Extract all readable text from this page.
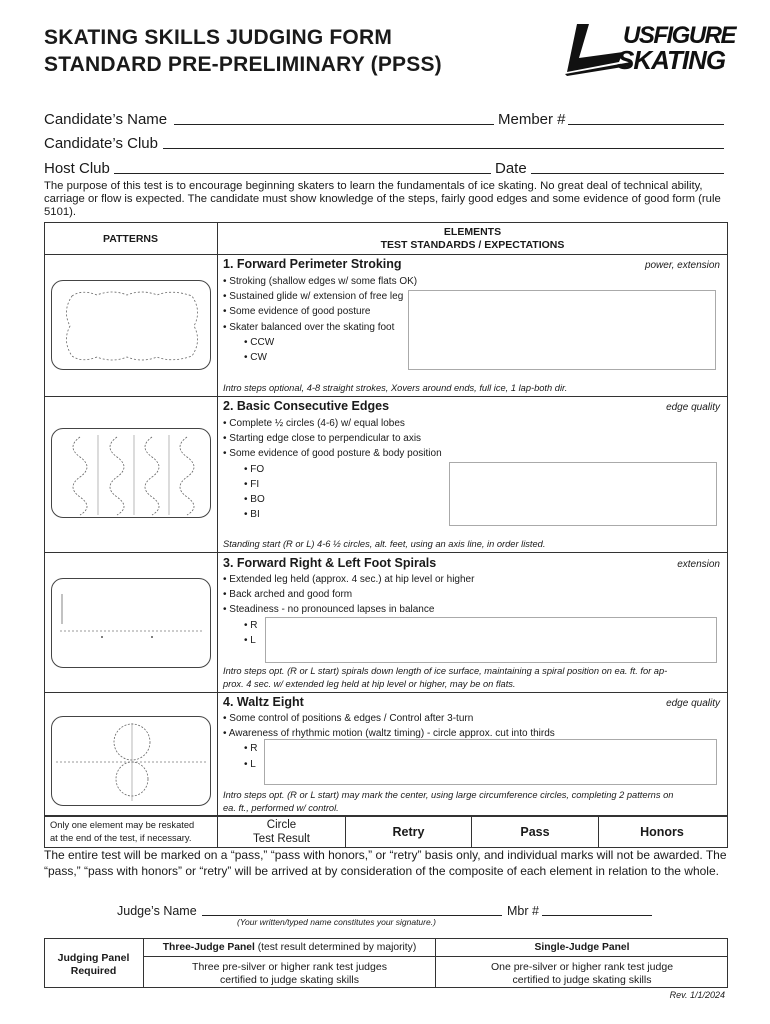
SKATING SKILLS JUDGING FORM
STANDARD PRE-PRELIMINARY (PPSS)
USFIGURE
SKATING
Candidate’s Name	Member #
Candidate’s Club
Host Club	Date
The purpose of this test is to encourage beginning skaters to learn the fundamentals of ice skating. No great deal of technical ability, carriage or flow is expected. The candidate must show knowledge of the steps, fairly good edges and some evidence of good form (rule 5101).
PATTERNS
ELEMENTS
TEST STANDARDS / EXPECTATIONS
1. Forward Perimeter Stroking	power, extension
• Stroking (shallow edges w/ some flats OK)
• Sustained glide w/ extension of free leg
• Some evidence of good posture
• Skater balanced over the skating foot
• CCW
• CW
Intro steps optional, 4-8 straight strokes, Xovers around ends, full ice, 1 lap-both dir.
2. Basic Consecutive Edges	edge quality
• Complete ½ circles (4-6) w/ equal lobes
• Starting edge close to perpendicular to axis
• Some evidence of good posture & body position
• FO
• FI
• BO
• BI
Standing start (R or L) 4-6 ½ circles, alt. feet, using an axis line, in order listed.
3. Forward Right & Left Foot Spirals	extension
• Extended leg held (approx. 4 sec.) at hip level or higher
• Back arched and good form
• Steadiness - no pronounced lapses in balance
• R
• L
Intro steps opt. (R or L start) spirals down length of ice surface, maintaining a spiral position on ea. ft. for ap-
prox. 4 sec. w/ extended leg held at hip level or higher, may be on flats.
4. Waltz Eight	edge quality
• Some control of positions & edges / Control after 3-turn
• Awareness of rhythmic motion (waltz timing) - circle approx. cut into thirds
• R
• L
Intro steps opt. (R or L start) may mark the center, using large circumference circles, completing 2 patterns on
ea. ft., performed w/ control.
Only one element may be reskated
at the end of the test, if necessary.
Circle
Test Result	Retry	Pass	Honors
The entire test will be marked on a “pass,” “pass with honors,” or “retry” basis only, and individual marks will not be awarded. The “pass,” “pass with honors” or “retry” will be arrived at by consideration of the composite of each element in relation to the whole.
Judge’s Name	Mbr #
(Your written/typed name constitutes your signature.)
Judging Panel
Required
Three-Judge Panel (test result determined by majority)
Three pre-silver or higher rank test judges
certified to judge skating skills
Single-Judge Panel
One pre-silver or higher rank test judge
certified to judge skating skills
Rev. 1/1/2024
